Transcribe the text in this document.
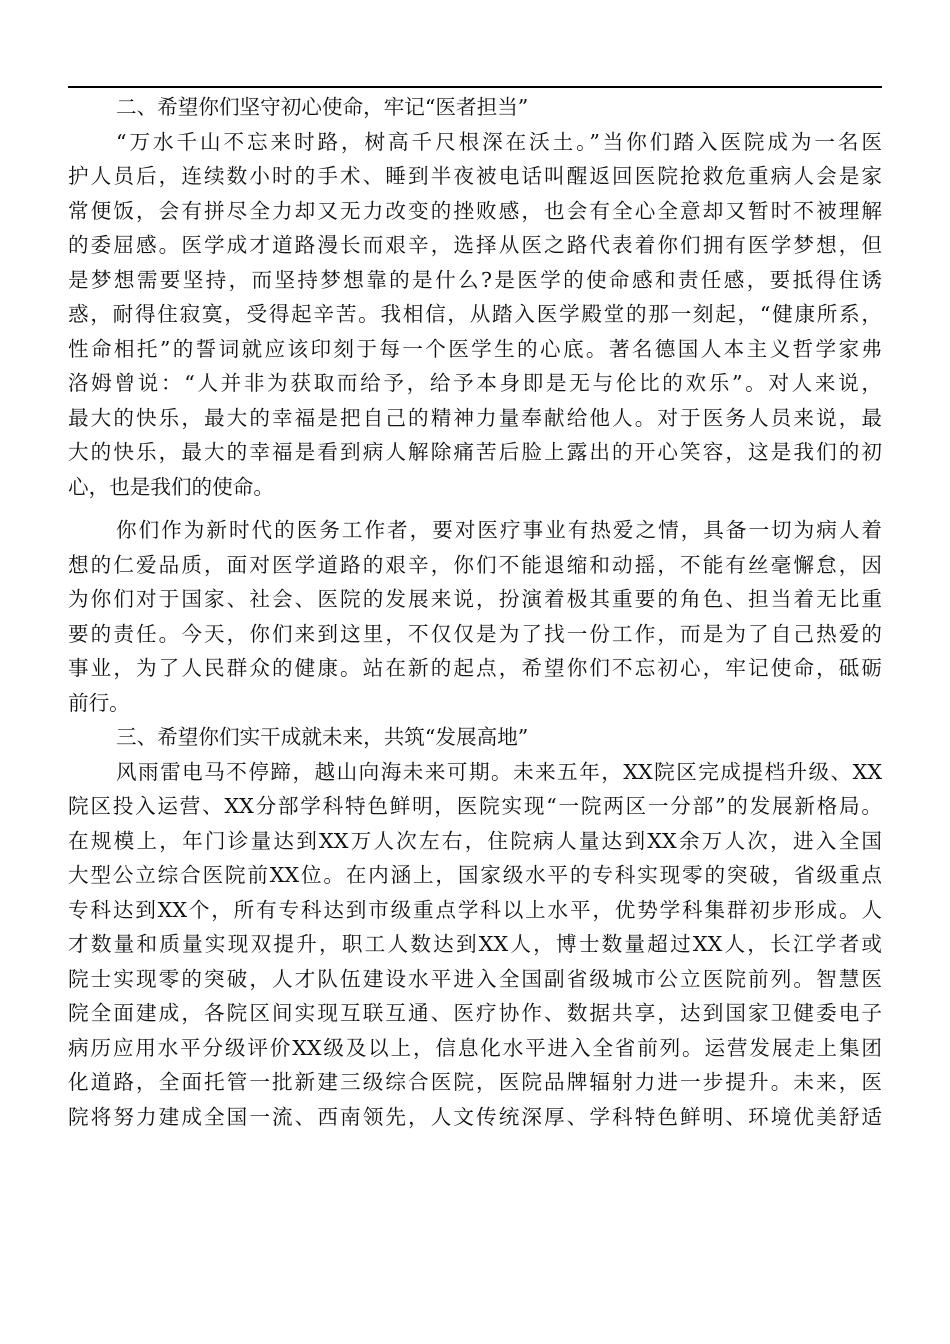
二、希望你们坚守初心使命，牢记“医者担当”
“万水千山不忘来时路，树高千尺根深在沃土。”当你们踏入医院成为一名医
护人员后，连续数小时的手术、睡到半夜被电话叫醒返回医院抢救危重病人会是家
常便饭，会有拼尽全力却又无力改变的挫败感，也会有全心全意却又暂时不被理解
的委屈感。医学成才道路漫长而艰辛，选择从医之路代表着你们拥有医学梦想，但
是梦想需要坚持，而坚持梦想靠的是什么?是医学的使命感和责任感，要抵得住诱
惑，耐得住寂寞，受得起辛苦。我相信，从踏入医学殿堂的那一刻起，“健康所系，
性命相托”的誓词就应该印刻于每一个医学生的心底。著名德国人本主义哲学家弗
洛姆曾说：“人并非为获取而给予，给予本身即是无与伦比的欢乐”。对人来说，
最大的快乐，最大的幸福是把自己的精神力量奉献给他人。对于医务人员来说，最
大的快乐，最大的幸福是看到病人解除痛苦后脸上露出的开心笑容，这是我们的初
心，也是我们的使命。
你们作为新时代的医务工作者，要对医疗事业有热爱之情，具备一切为病人着
想的仁爱品质，面对医学道路的艰辛，你们不能退缩和动摇，不能有丝毫懈怠，因
为你们对于国家、社会、医院的发展来说，扮演着极其重要的角色、担当着无比重
要的责任。今天，你们来到这里，不仅仅是为了找一份工作，而是为了自己热爱的
事业，为了人民群众的健康。站在新的起点，希望你们不忘初心，牢记使命，砥砺
前行。
三、希望你们实干成就未来，共筑“发展高地”
风雨雷电马不停蹄，越山向海未来可期。未来五年，XX院区完成提档升级、XX
院区投入运营、XX分部学科特色鲜明，医院实现“一院两区一分部”的发展新格局。
在规模上，年门诊量达到XX万人次左右，住院病人量达到XX余万人次，进入全国
大型公立综合医院前XX位。在内涵上，国家级水平的专科实现零的突破，省级重点
专科达到XX个，所有专科达到市级重点学科以上水平，优势学科集群初步形成。人
才数量和质量实现双提升，职工人数达到XX人，博士数量超过XX人，长江学者或
院士实现零的突破，人才队伍建设水平进入全国副省级城市公立医院前列。智慧医
院全面建成，各院区间实现互联互通、医疗协作、数据共享，达到国家卫健委电子
病历应用水平分级评价XX级及以上，信息化水平进入全省前列。运营发展走上集团
化道路，全面托管一批新建三级综合医院，医院品牌辐射力进一步提升。未来，医
院将努力建成全国一流、西南领先，人文传统深厚、学科特色鲜明、环境优美舒适
